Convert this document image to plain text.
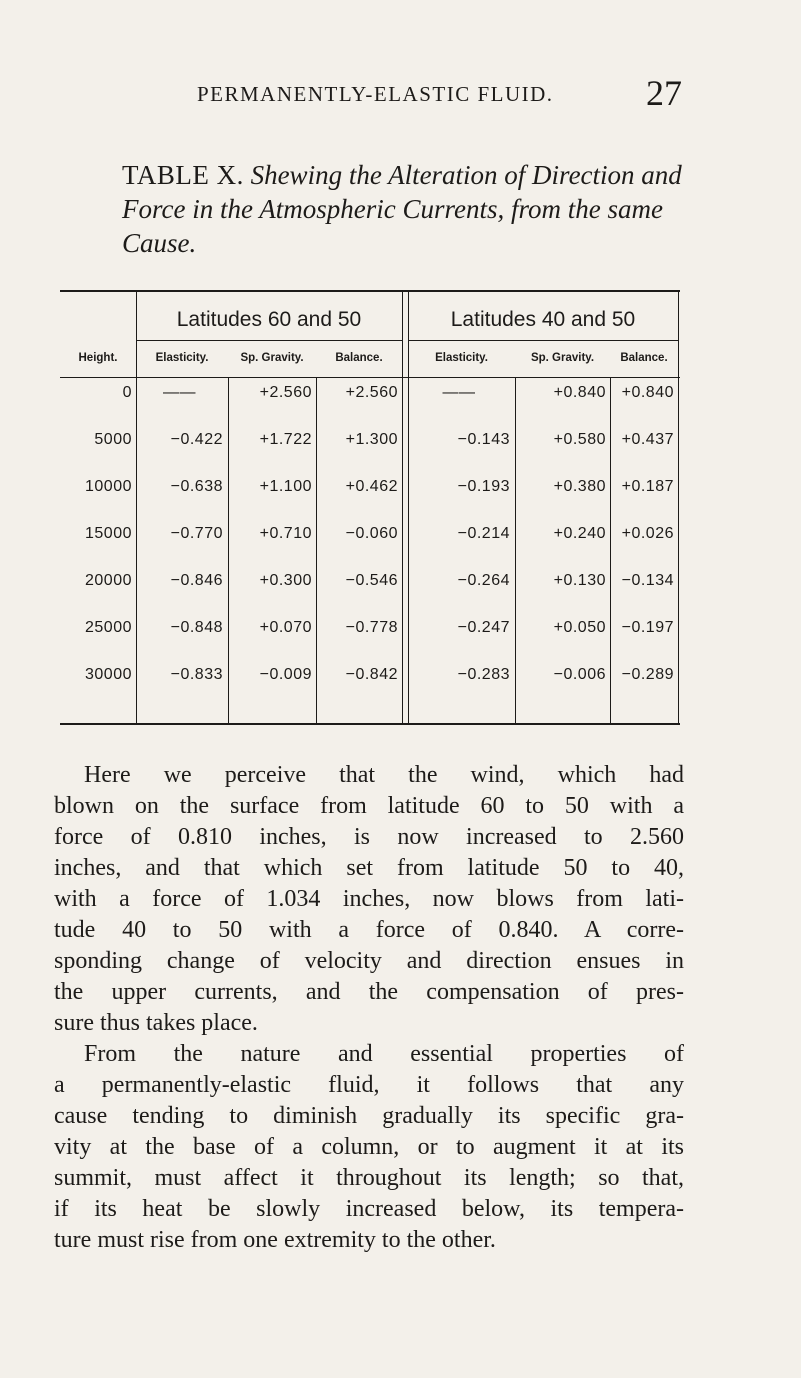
PERMANENTLY-ELASTIC FLUID.	27
TABLE X. Shewing the Alteration of Direction and Force in the Atmospheric Currents, from the same Cause.
Latitudes 60 and 50	Latitudes 40 and 50
Height.	Elasticity.	Sp. Gravity.	Balance.	Elasticity.	Sp. Gravity.	Balance.
0	——	+2.560	+2.560	——	+0.840 +0.840
5000	−0.422	+1.722	+1.300	−0.143	+0.580 +0.437
10000	−0.638	+1.100	+0.462	−0.193	+0.380 +0.187
15000	−0.770	+0.710	−0.060	−0.214	+0.240 +0.026
20000	−0.846	+0.300	−0.546	−0.264	+0.130 −0.134
25000	−0.848	+0.070	−0.778	−0.247	+0.050 −0.197
30000	−0.833	−0.009	−0.842	−0.283	−0.006 −0.289
Here we perceive that the wind, which had
blown on the surface from latitude 60 to 50 with a
force of 0.810 inches, is now increased to 2.560
inches, and that which set from latitude 50 to 40,
with a force of 1.034 inches, now blows from lati-
tude 40 to 50 with a force of 0.840. A corre-
sponding change of velocity and direction ensues in
the upper currents, and the compensation of pres-
sure thus takes place.
From the nature and essential properties of
a permanently-elastic fluid, it follows that any
cause tending to diminish gradually its specific gra-
vity at the base of a column, or to augment it at its
summit, must affect it throughout its length; so that,
if its heat be slowly increased below, its tempera-
ture must rise from one extremity to the other.
